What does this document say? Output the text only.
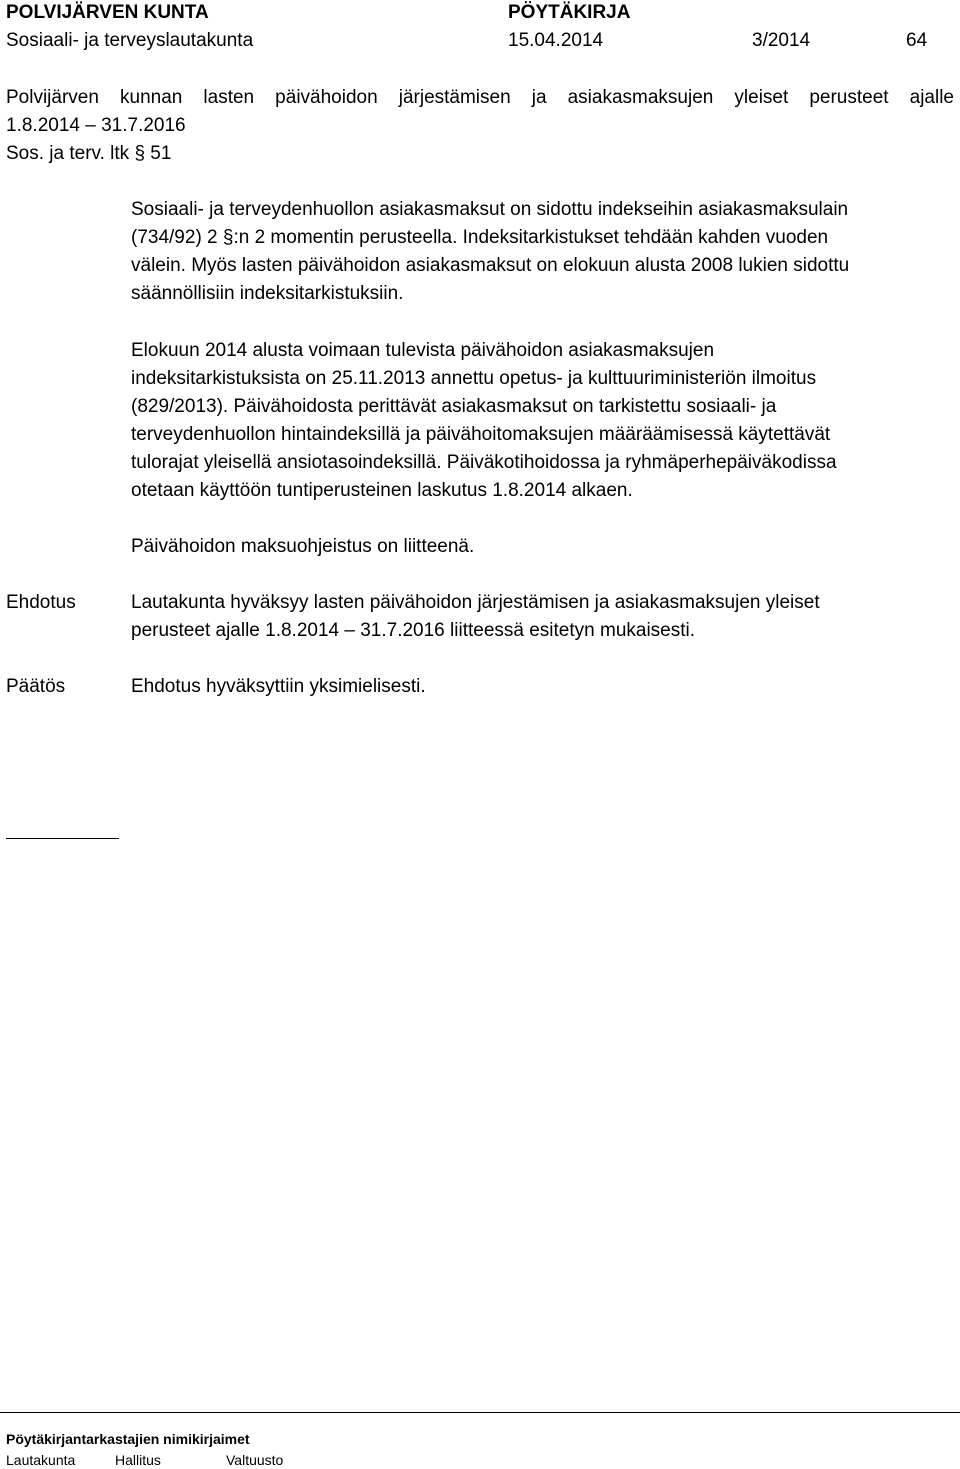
POLVIJÄRVEN KUNTA	PÖYTÄKIRJA
Sosiaali- ja terveyslautakunta	15.04.2014	3/2014	64
Polvijärven kunnan lasten päivähoidon järjestämisen ja asiakasmaksujen yleiset perusteet ajalle
1.8.2014 – 31.7.2016
Sos. ja terv. ltk § 51
Sosiaali- ja terveydenhuollon asiakasmaksut on sidottu indekseihin asiakasmaksulain
(734/92) 2 §:n 2 momentin perusteella. Indeksitarkistukset tehdään kahden vuoden
välein. Myös lasten päivähoidon asiakasmaksut on elokuun alusta 2008 lukien sidottu
säännöllisiin indeksitarkistuksiin.
Elokuun 2014 alusta voimaan tulevista päivähoidon asiakasmaksujen
indeksitarkistuksista on 25.11.2013 annettu opetus- ja kulttuuriministeriön ilmoitus
(829/2013). Päivähoidosta perittävät asiakasmaksut on tarkistettu sosiaali- ja
terveydenhuollon hintaindeksillä ja päivähoitomaksujen määräämisessä käytettävät
tulorajat yleisellä ansiotasoindeksillä. Päiväkotihoidossa ja ryhmäperhepäiväkodissa
otetaan käyttöön tuntiperusteinen laskutus 1.8.2014 alkaen.
Päivähoidon maksuohjeistus on liitteenä.
Ehdotus	Lautakunta hyväksyy lasten päivähoidon järjestämisen ja asiakasmaksujen yleiset
perusteet ajalle 1.8.2014 – 31.7.2016 liitteessä esitetyn mukaisesti.
Päätös	Ehdotus hyväksyttiin yksimielisesti.
Pöytäkirjantarkastajien nimikirjaimet
Lautakunta	Hallitus	Valtuusto
